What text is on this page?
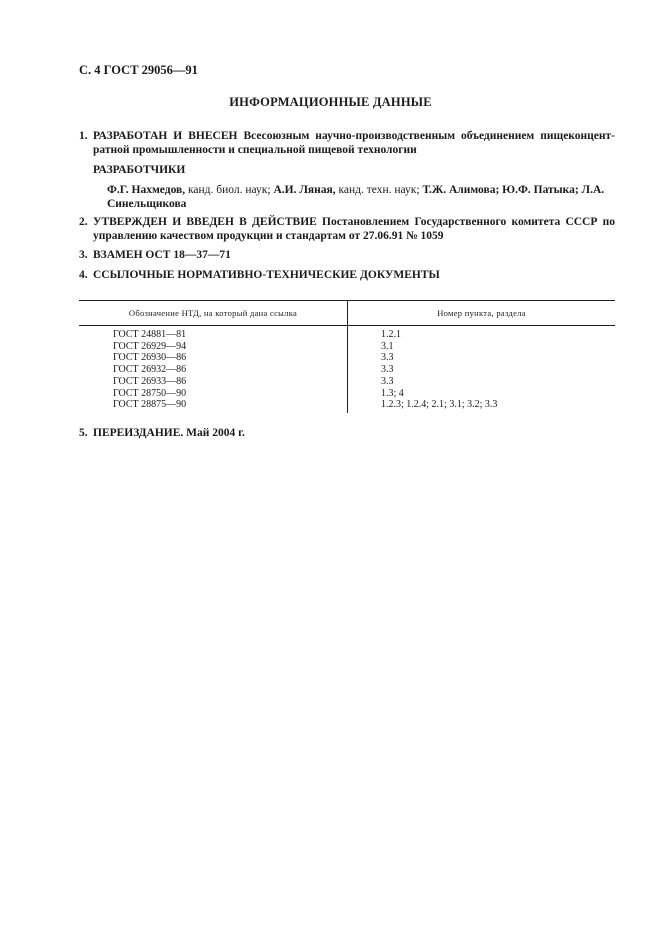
С. 4 ГОСТ 29056—91
ИНФОРМАЦИОННЫЕ ДАННЫЕ
1. РАЗРАБОТАН И ВНЕСЕН Всесоюзным научно-производственным объединением пищеконцент-ратной промышленности и специальной пищевой технологии
РАЗРАБОТЧИКИ
Ф.Г. Нахмедов, канд. биол. наук; А.И. Ляная, канд. техн. наук; Т.Ж. Алимова; Ю.Ф. Патыка; Л.А. Синельщикова
2. УТВЕРЖДЕН И ВВЕДЕН В ДЕЙСТВИЕ Постановлением Государственного комитета СССР по управлению качеством продукции и стандартам от 27.06.91 № 1059
3. ВЗАМЕН ОСТ 18—37—71
4. ССЫЛОЧНЫЕ НОРМАТИВНО-ТЕХНИЧЕСКИЕ ДОКУМЕНТЫ
Обозначение НТД, на который дана ссылка	Номер пункта, раздела
ГОСТ 24881—81	1.2.1
ГОСТ 26929—94	3.1
ГОСТ 26930—86	3.3
ГОСТ 26932—86	3.3
ГОСТ 26933—86	3.3
ГОСТ 28750—90	1.3; 4
ГОСТ 28875—90	1.2.3; 1.2.4; 2.1; 3.1; 3.2; 3.3
5. ПЕРЕИЗДАНИЕ. Май 2004 г.
